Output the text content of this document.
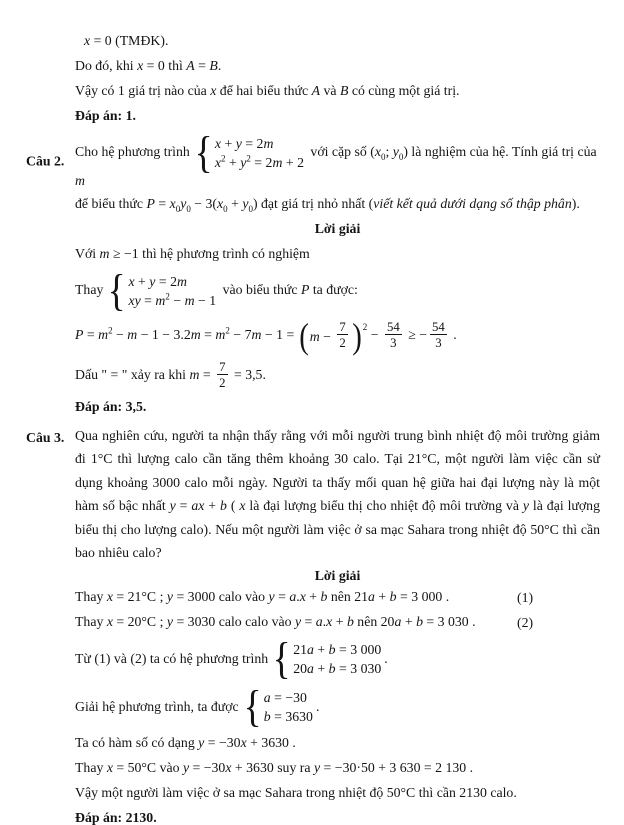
x = 0 (TMĐK).
Do đó, khi x = 0 thì A = B.
Vậy có 1 giá trị nào của x để hai biểu thức A và B có cùng một giá trị.
Đáp án: 1.
Câu 2.
Cho hệ phương trình { x + y = 2m
$x^2 + y^2 = 2m + 2$
với cặp số ($x_0$; $y_0$) là nghiệm của hệ. Tính giá trị của m
để biểu thức $P = x_0y_0 - 3(x_0 + y_0)$ đạt giá trị nhỏ nhất (viết kết quả dưới dạng số thập phân).
Lời giải
Với m ≥ −1 thì hệ phương trình có nghiệm
Thay { x + y = 2m
xy = $m^2 - m - 1$
vào biểu thức P ta được:
$P = m^2 - m - 1 - 3.2m = m^2 - 7m - 1$ = ( $m - \frac{7}{2}$ ) 2
− $\frac{54}{3}$ ≥ − $\frac{54}{3}$ .
Dấu " = " xảy ra khi $m = \frac{7}{2} = 3,5$.
Đáp án: 3,5.
Câu 3. Qua nghiên cứu, người ta nhận thấy rằng với mỗi người trung bình nhiệt độ môi trường giảm đi 1°C thì lượng calo cần tăng thêm khoảng 30 calo. Tại 21°C, một người làm việc cần sử dụng khoảng 3000 calo mỗi ngày. Người ta thấy mối quan hệ giữa hai đại lượng này là một hàm số bậc nhất y = ax + b ( x là đại lượng biểu thị cho nhiệt độ môi trường và y là đại lượng biểu thị cho lượng calo). Nếu một người làm việc ở sa mạc Sahara trong nhiệt độ 50°C thì cần bao nhiêu calo?
Lời giải
Thay x = 21°C ; y = 3000 calo vào y = a.x + b nên 21a + b = 3 000 .	(1)
Thay x = 20°C ; y = 3030 calo calo vào y = a.x + b nên 20a + b = 3 030 .	(2)
Từ (1) và (2) ta có hệ phương trình { 21a + b = 3 000
20a + b = 3 030
.
Giải hệ phương trình, ta được { a = −30
b = 3630
.
Ta có hàm số có dạng y = −30x + 3630 .
Thay x = 50°C vào y = −30x + 3630 suy ra y = −30·50 + 3 630 = 2 130 .
Vậy một người làm việc ở sa mạc Sahara trong nhiệt độ 50°C thì cần 2130 calo.
Đáp án: 2130.
